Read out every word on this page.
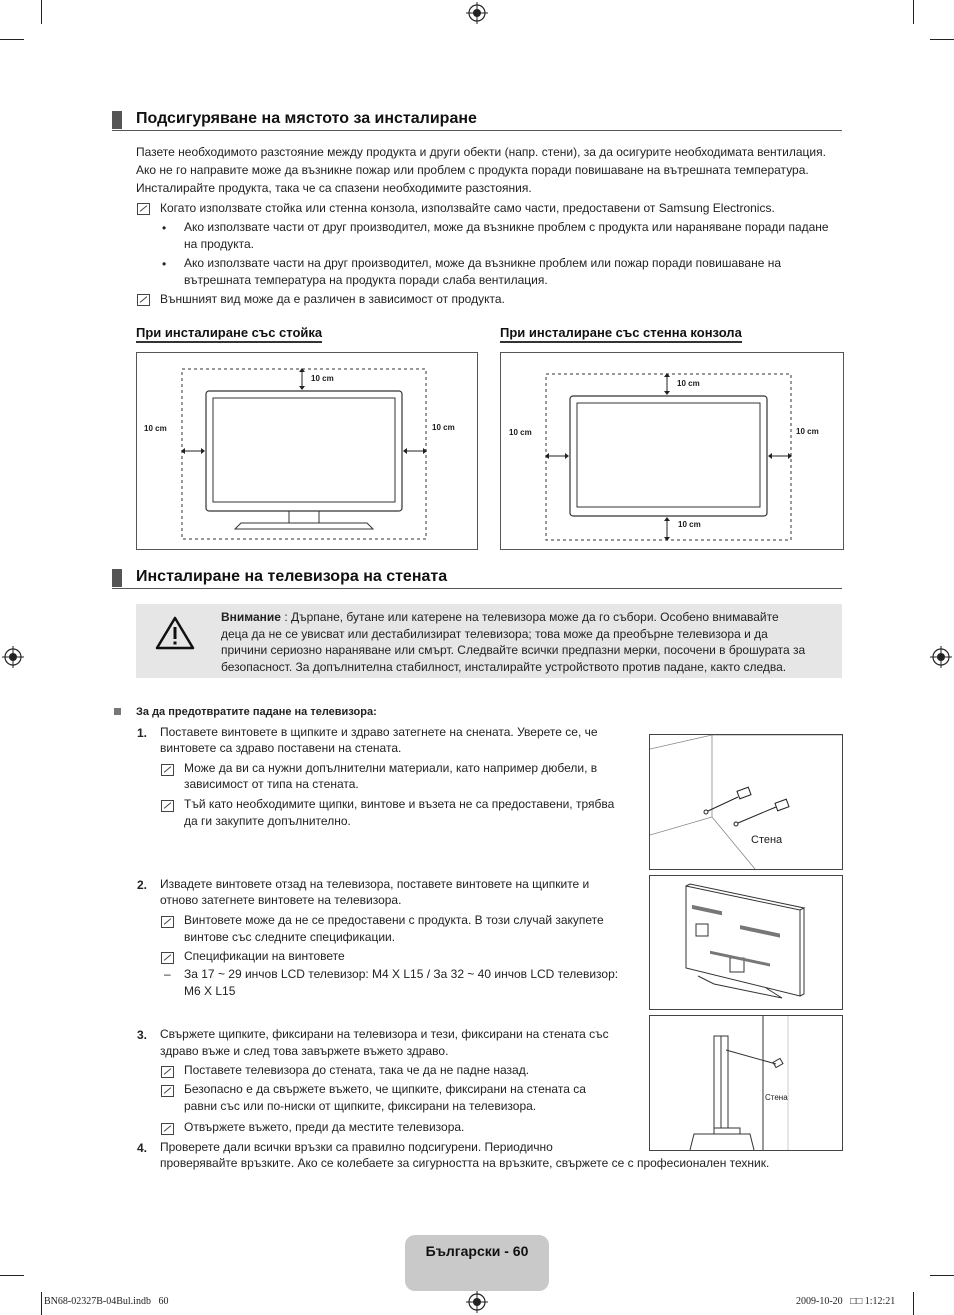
Подсигуряване на мястото за инсталиране
Пазете необходимото разстояние между продукта и други обекти (напр. стени), за да осигурите необходимата вентилация.
Ако не го направите може да възникне пожар или проблем с продукта поради повишаване на вътрешната температура.
Инсталирайте продукта, така че са спазени необходимите разстояния.
Когато използвате стойка или стенна конзола, използвайте само части, предоставени от Samsung Electronics.
• Ако използвате части от друг производител, може да възникне проблем с продукта или нараняване поради падане
на продукта.
• Ако използвате части на друг производител, може да възникне проблем или пожар поради повишаване на
вътрешната температура на продукта поради слаба вентилация.
Външният вид може да е различен в зависимост от продукта.
При инсталиране със стойка	При инсталиране със стенна конзола
10 cm
10 cm	10 cm
10 cm
10 cm	10 cm
10 cm
Инсталиране на телевизора на стената
Внимание : Дърпане, бутане или катерене на телевизора може да го събори. Особено внимавайте
деца да не се увисват или дестабилизират телевизора; това може да преобърне телевизора и да
причини сериозно нараняване или смърт. Следвайте всички предпазни мерки, посочени в брошурата за
безопасност. За допълнителна стабилност, инсталирайте устройството против падане, както следва.
За да предотвратите падане на телевизора:
1. Поставете винтовете в щипките и здраво затегнете на снената. Уверете се, че
винтовете са здраво поставени на стената.
Може да ви са нужни допълнителни материали, като например дюбели, в
зависимост от типа на стената.
Тъй като необходимите щипки, винтове и възета не са предоставени, трябва
да ги закупите допълнително.
Стена
2. Извадете винтовете отзад на телевизора, поставете винтовете на щипките и
отново затегнете винтовете на телевизора.
Винтовете може да не се предоставени с продукта. В този случай закупете
винтове със следните спецификации.
Спецификации на винтовете
– За 17 ~ 29 инчов LCD телевизор: M4 X L15 / За 32 ~ 40 инчов LCD телевизор:
M6 X L15
3. Свържете щипките, фиксирани на телевизора и тези, фиксирани на стената със
здраво въже и след това завържете въжето здраво.
Поставете телевизора до стената, така че да не падне назад.
Безопасно е да свържете въжето, че щипките, фиксирани на стената са
равни със или по-ниски от щипките, фиксирани на телевизора.
Отвържете въжето, преди да местите телевизора.
Стена
4. Проверете дали всички връзки са правилно подсигурени. Периодично
проверявайте връзките. Ако се колебаете за сигурността на връзките, свържете се с професионален техник.
Български - 60
BN68-02327B-04Bul.indb   60	2009-10-20   □□ 1:12:21
